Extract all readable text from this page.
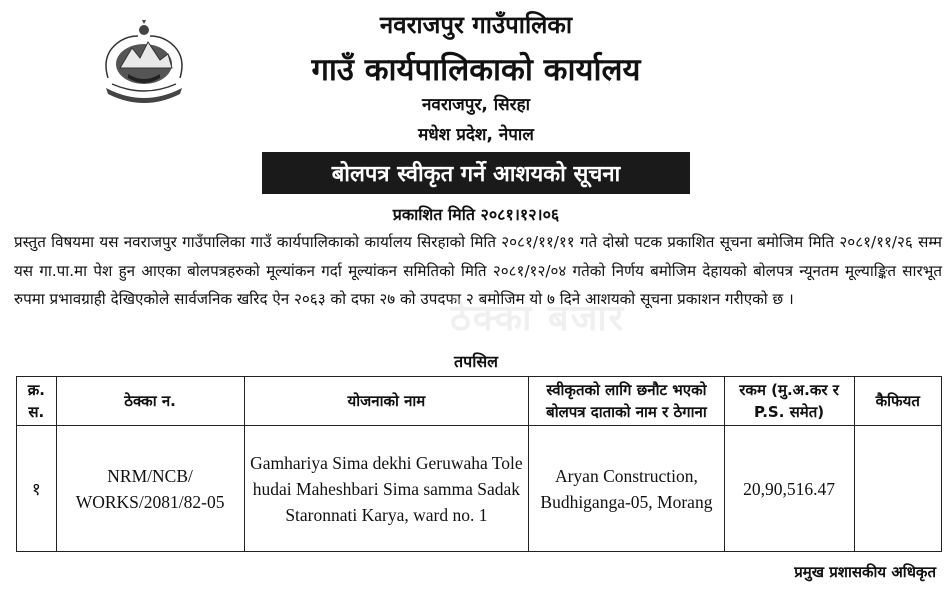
नवराजपुर गाउँपालिका
गाउँ कार्यपालिकाको कार्यालय
नवराजपुर, सिरहा
मधेश प्रदेश, नेपाल
बोलपत्र स्वीकृत गर्ने आशयको सूचना
प्रकाशित मिति २०८१।१२।०६
प्रस्तुत विषयमा यस नवराजपुर गाउँपालिका गाउँ कार्यपालिकाको कार्यालय सिरहाको मिति २०८१/११/११ गते दोस्रो पटक प्रकाशित सूचना बमोजिम मिति २०८१/११/२६ सम्म यस गा.पा.मा पेश हुन आएका बोलपत्रहरुको मूल्यांकन गर्दा मूल्यांकन समितिको मिति २०८१/१२/०४ गतेको निर्णय बमोजिम देहायको बोलपत्र न्यूनतम मूल्याङ्कित सारभूत रुपमा प्रभावग्राही देखिएकोले सार्वजनिक खरिद ऐन २०६३ को दफा २७ को उपदफा २ बमोजिम यो ७ दिने आशयको सूचना प्रकाशन गरीएको छ ।
ठेक्का बजार
तपसिल
क्र. स.	ठेक्का न.	योजनाको नाम	स्वीकृतको लागि छनौट भएको बोलपत्र दाताको नाम र ठेगाना	रकम (मु.अ.कर र P.S. समेत)	कैफियत
१	NRM/NCB/ WORKS/2081/82-05	Gamhariya Sima dekhi Geruwaha Tole hudai Maheshbari Sima samma Sadak Staronnati Karya, ward no. 1	Aryan Construction, Budhiganga-05, Morang	20,90,516.47	
प्रमुख प्रशासकीय अधिकृत
